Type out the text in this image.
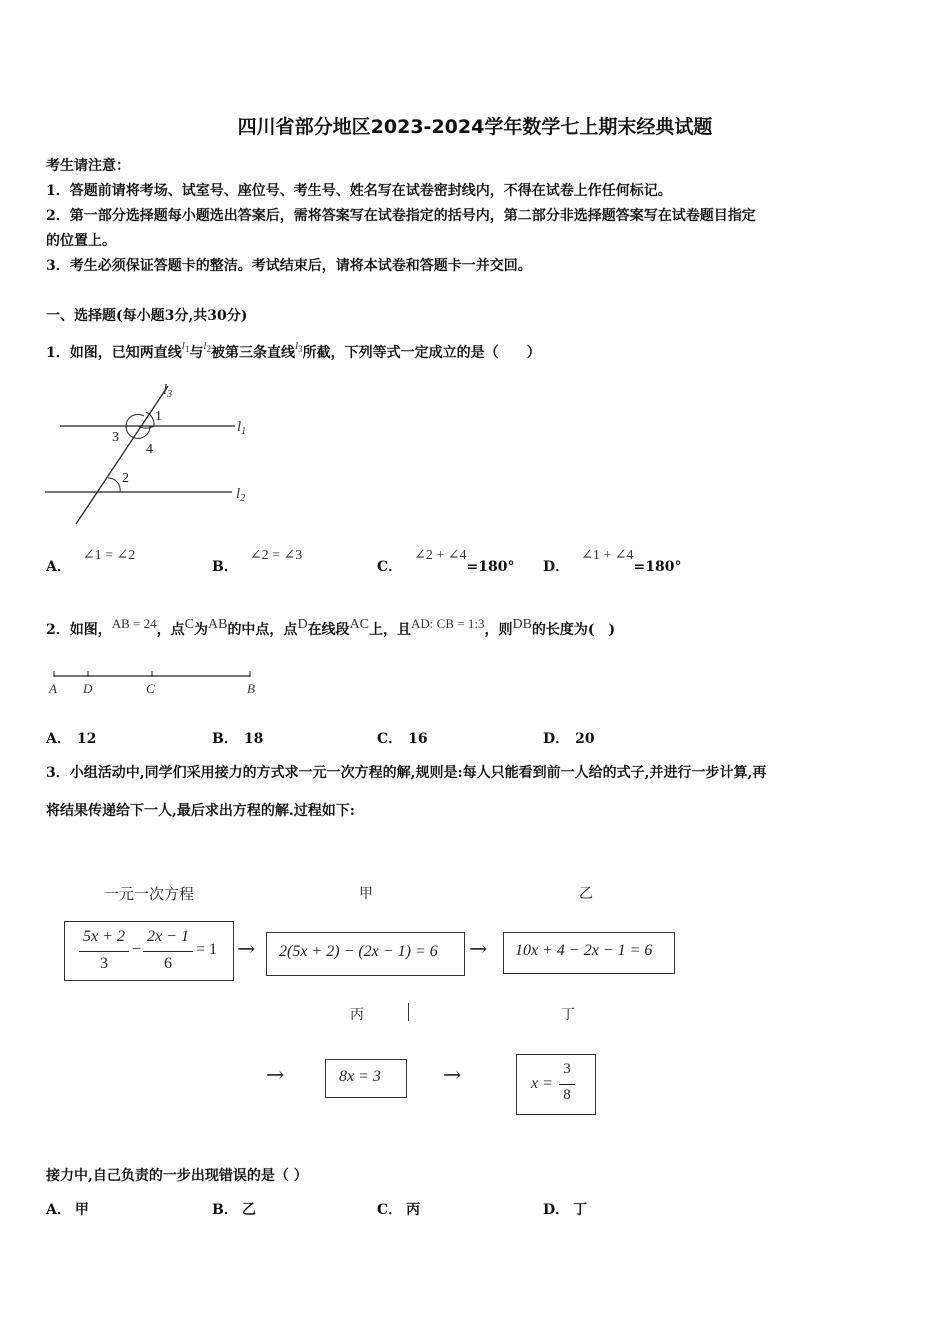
四川省部分地区2023-2024学年数学七上期末经典试题
考生请注意：
1．答题前请将考场、试室号、座位号、考生号、姓名写在试卷密封线内，不得在试卷上作任何标记。
2．第一部分选择题每小题选出答案后，需将答案写在试卷指定的括号内，第二部分非选择题答案写在试卷题目指定
的位置上。
3．考生必须保证答题卡的整洁。考试结束后，请将本试卷和答题卡一并交回。
一、选择题(每小题3分,共30分)
1．如图，已知两直线$^{l_1}$与$^{l_2}$被第三条直线$^{l_3}$所截，下列等式一定成立的是（　　）
$l_3$
$l_1$
$l_2$
1
3
4
2
A．∠1 = ∠2
B．∠2 = ∠3
C．∠2 + ∠4=180° D．∠1 + ∠4=180°
2．如图，AB = 24，点C为AB的中点，点D在线段AC上，且AD: CB = 1:3，则DB的长度为(　)
A D	C	B
A． 12	B． 18	C． 16	D． 20
3．小组活动中,同学们采用接力的方式求一元一次方程的解,规则是:每人只能看到前一人给的式子,并进行一步计算,再
将结果传递给下一人,最后求出方程的解.过程如下:
一元一次方程	甲	乙
丙	丁
5x + 2
3
−
2x − 1
6
= 1 → 2(5x + 2) − (2x − 1) = 6 → 10x + 4 − 2x − 1 = 6
→	8x = 3	→	x =
3
8
接力中,自己负责的一步出现错误的是（ ）
A． 甲	B． 乙	C． 丙	D． 丁
